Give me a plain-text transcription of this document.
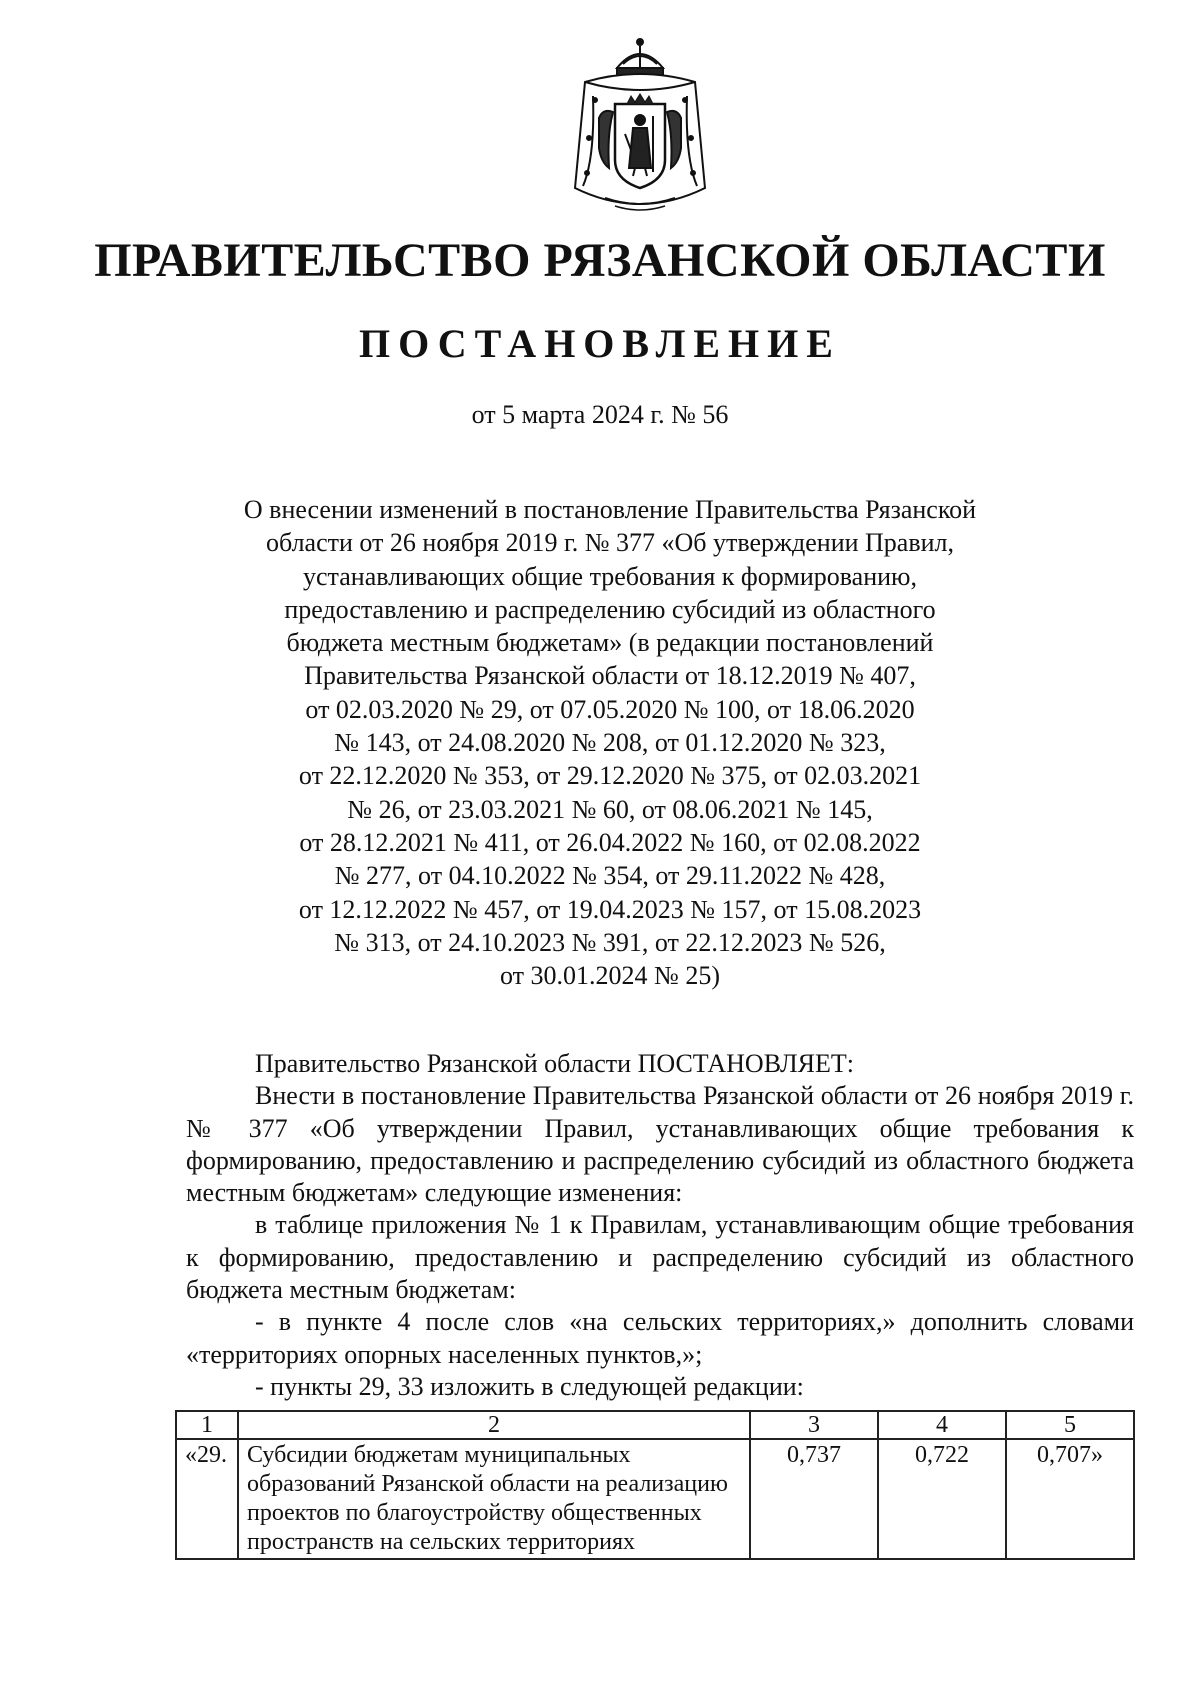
ПРАВИТЕЛЬСТВО РЯЗАНСКОЙ ОБЛАСТИ
ПОСТАНОВЛЕНИЕ
от 5 марта 2024 г. № 56
О внесении изменений в постановление Правительства Рязанской
области от 26 ноября 2019 г. № 377 «Об утверждении Правил,
устанавливающих общие требования к формированию,
предоставлению и распределению субсидий из областного
бюджета местным бюджетам» (в редакции постановлений
Правительства Рязанской области от 18.12.2019 № 407,
от 02.03.2020 № 29, от 07.05.2020 № 100, от 18.06.2020
№ 143, от 24.08.2020 № 208, от 01.12.2020 № 323,
от 22.12.2020 № 353, от 29.12.2020 № 375, от 02.03.2021
№ 26, от 23.03.2021 № 60, от 08.06.2021 № 145,
от 28.12.2021 № 411, от 26.04.2022 № 160, от 02.08.2022
№ 277, от 04.10.2022 № 354, от 29.11.2022 № 428,
от 12.12.2022 № 457, от 19.04.2023 № 157, от 15.08.2023
№ 313, от 24.10.2023 № 391, от 22.12.2023 № 526,
от 30.01.2024 № 25)

Правительство Рязанской области ПОСТАНОВЛЯЕТ:

Внести в постановление Правительства Рязанской области от 26 ноября 2019 г. № 377 «Об утверждении Правил, устанавливающих общие требования к формированию, предоставлению и распределению субсидий из областного бюджета местным бюджетам» следующие изменения:

в таблице приложения № 1 к Правилам, устанавливающим общие требования к формированию, предоставлению и распределению субсидий из областного бюджета местным бюджетам:

- в пункте 4 после слов «на сельских территориях,» дополнить словами «территориях опорных населенных пунктов,»;

- пункты 29, 33 изложить в следующей редакции:

1	2	3	4	5
«29.	Субсидии бюджетам муниципальных образований Рязанской области на реализацию проектов по благоустройству общественных пространств на сельских территориях	0,737	0,722	0,707»
